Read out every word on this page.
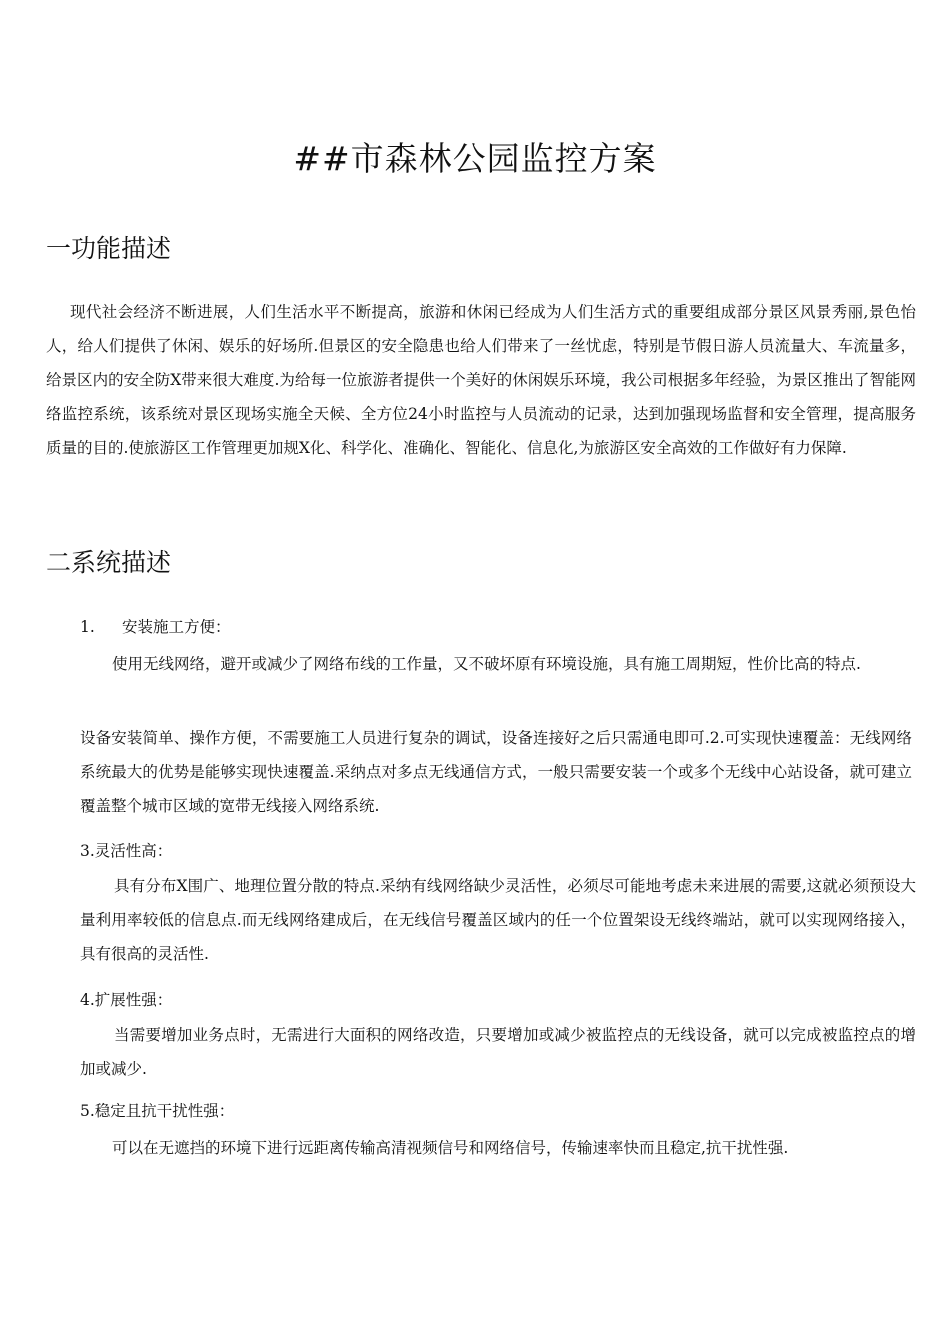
##市森林公园监控方案
一功能描述
现代社会经济不断进展，人们生活水平不断提高，旅游和休闲已经成为人们生活方式的重要组成部分景区风景秀丽,景色怡人，给人们提供了休闲、娱乐的好场所.但景区的安全隐患也给人们带来了一丝忧虑，特别是节假日游人员流量大、车流量多，给景区内的安全防X带来很大难度.为给每一位旅游者提供一个美好的休闲娱乐环境，我公司根据多年经验，为景区推出了智能网络监控系统，该系统对景区现场实施全天候、全方位24小时监控与人员流动的记录，达到加强现场监督和安全管理，提高服务质量的目的.使旅游区工作管理更加规X化、科学化、准确化、智能化、信息化,为旅游区安全高效的工作做好有力保障.
二系统描述
1. 安装施工方便：
使用无线网络，避开或减少了网络布线的工作量，又不破坏原有环境设施，具有施工周期短，性价比高的特点.
设备安装简单、操作方便，不需要施工人员进行复杂的调试，设备连接好之后只需通电即可.2.可实现快速覆盖：无线网络系统最大的优势是能够实现快速覆盖.采纳点对多点无线通信方式，一般只需要安装一个或多个无线中心站设备，就可建立覆盖整个城市区域的宽带无线接入网络系统.
3.灵活性高：
具有分布X围广、地理位置分散的特点.采纳有线网络缺少灵活性，必须尽可能地考虑未来进展的需要,这就必须预设大量利用率较低的信息点.而无线网络建成后，在无线信号覆盖区域内的任一个位置架设无线终端站，就可以实现网络接入，具有很高的灵活性.
4.扩展性强：
当需要增加业务点时，无需进行大面积的网络改造，只要增加或减少被监控点的无线设备，就可以完成被监控点的增加或减少.
5.稳定且抗干扰性强：
可以在无遮挡的环境下进行远距离传输高清视频信号和网络信号，传输速率快而且稳定,抗干扰性强.
